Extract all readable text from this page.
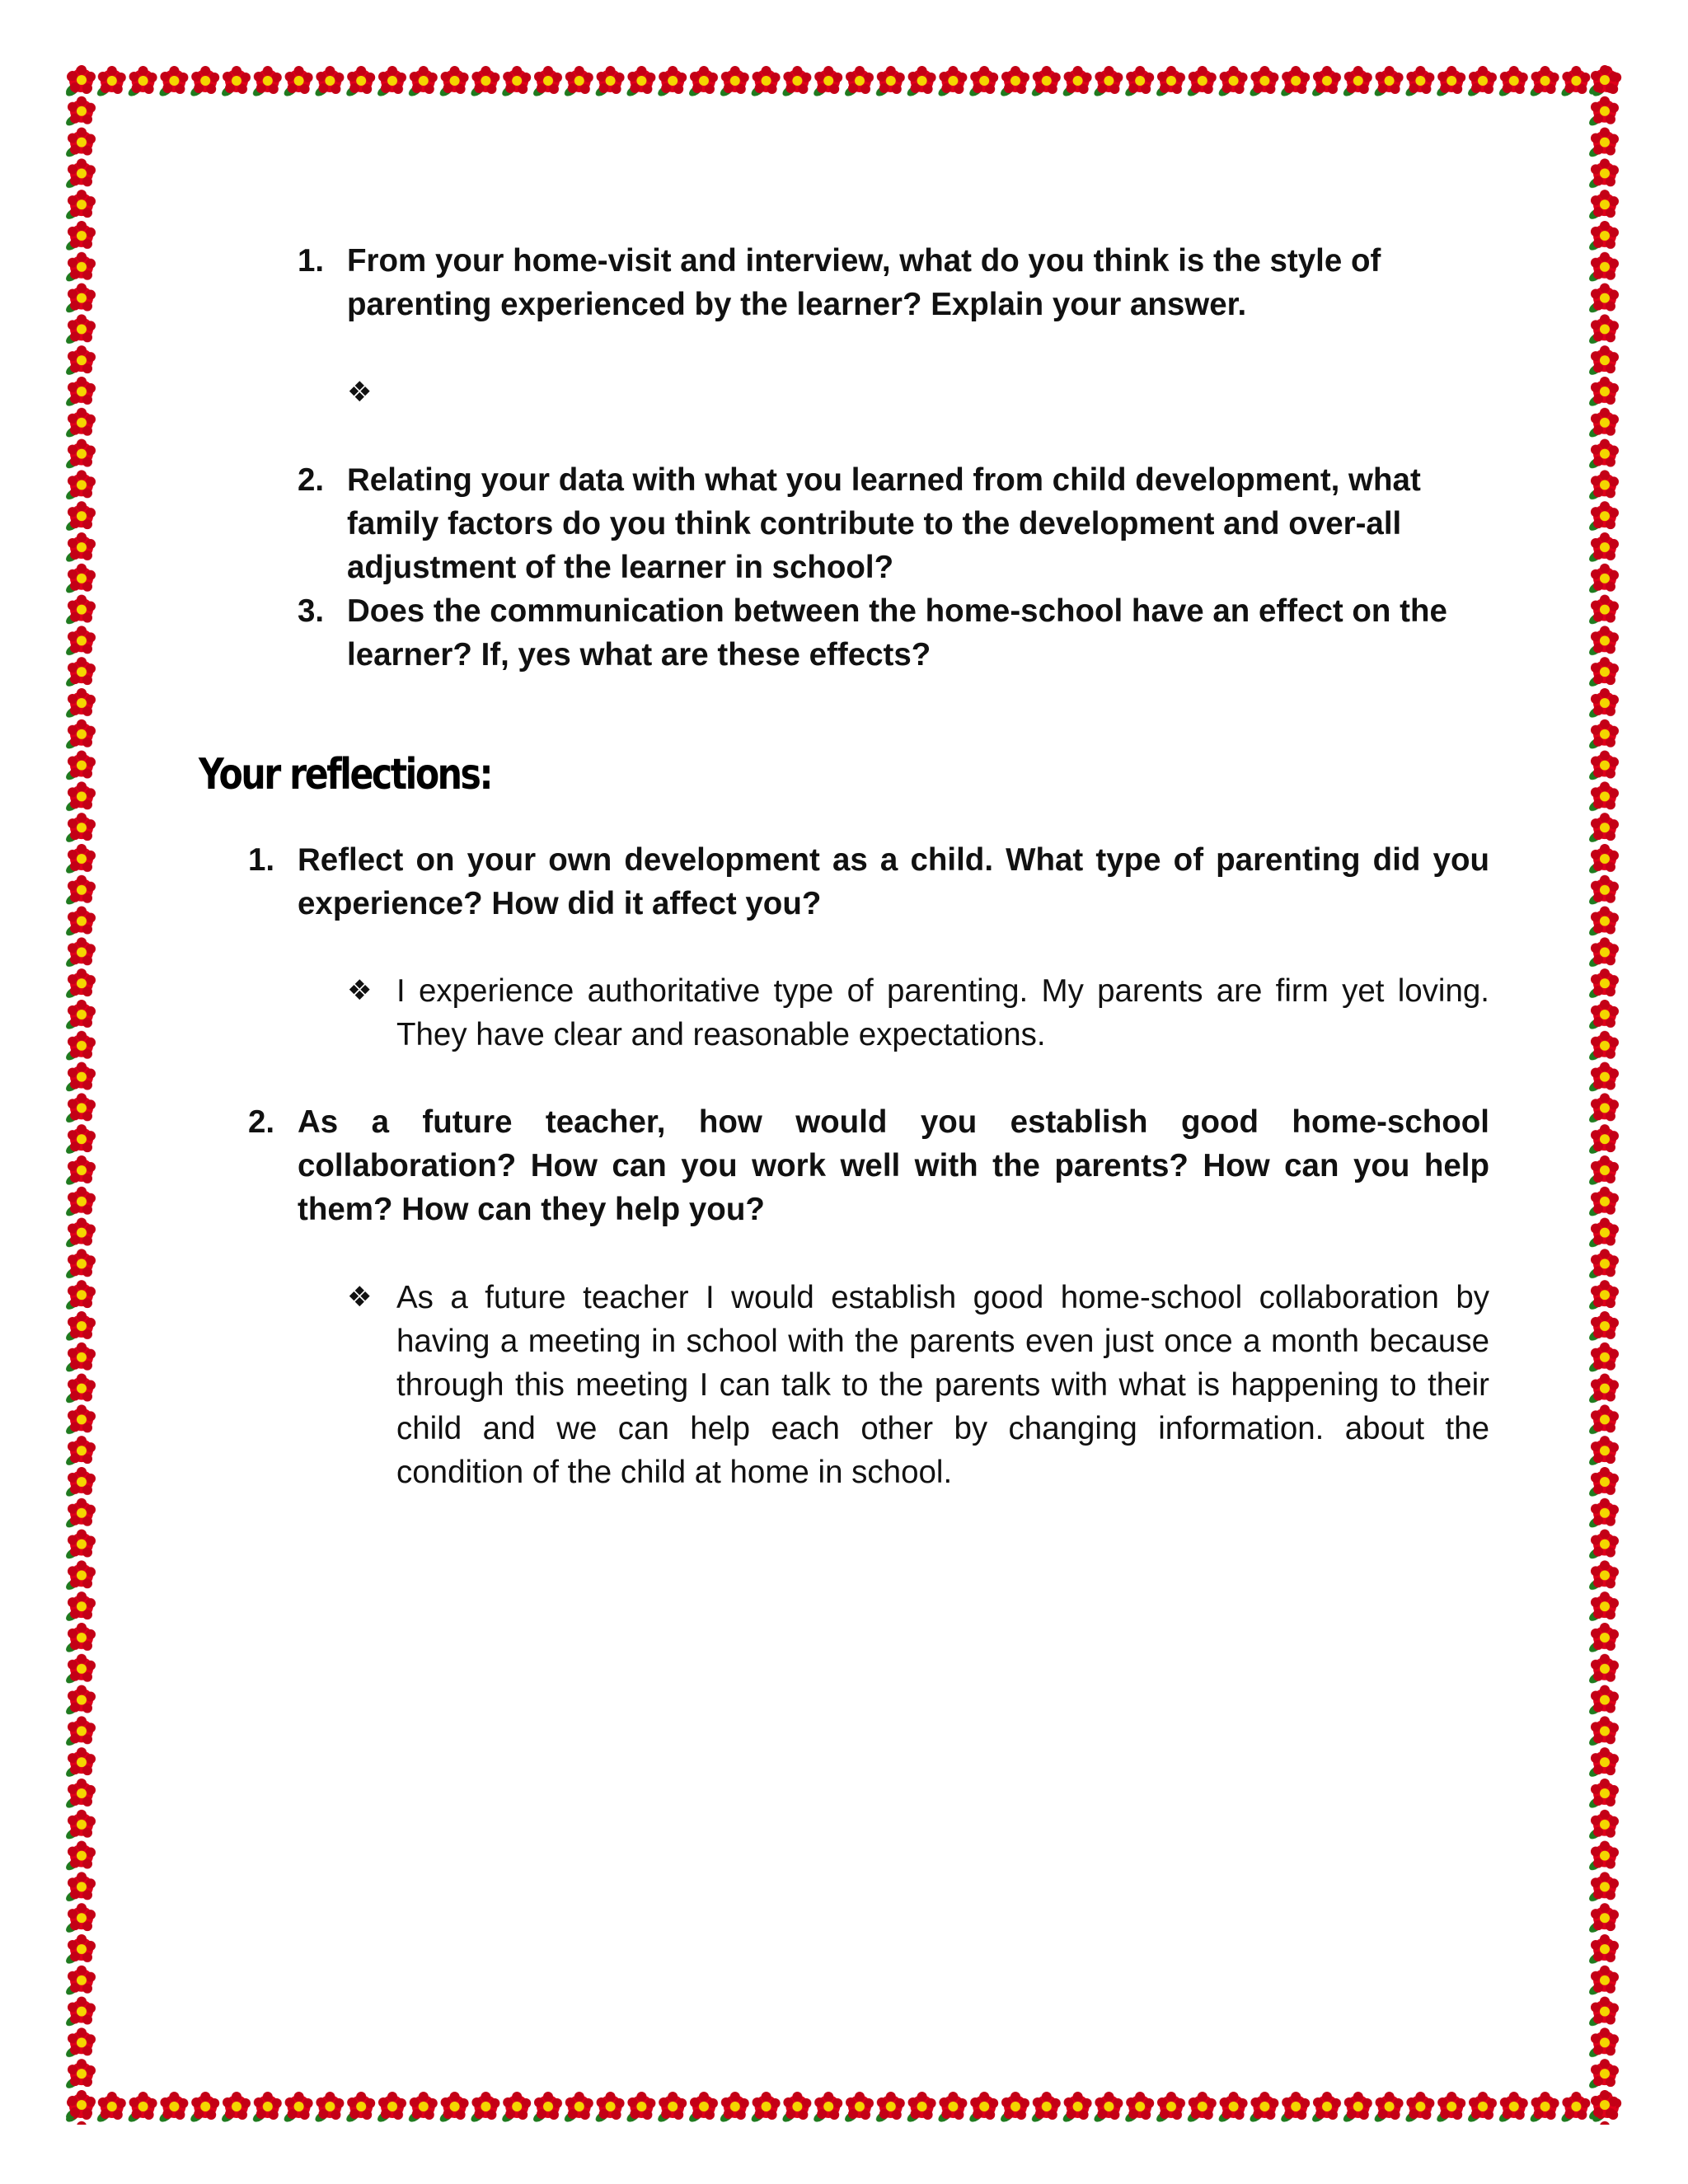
1. From your home-visit and interview, what do you think is the style of parenting experienced by the learner? Explain your answer.
❖
2. Relating your data with what you learned from child development, what family factors do you think contribute to the development and over-all adjustment of the learner in school?
3. Does the communication between the home-school have an effect on the learner? If, yes what are these effects?
Your reflections:
1. Reflect on your own development as a child. What type of parenting did you experience? How did it affect you?
❖ I experience authoritative type of parenting. My parents are firm yet loving. They have clear and reasonable expectations.
2. As a future teacher, how would you establish good home-school collaboration? How can you work well with the parents? How can you help them? How can they help you?
❖ As a future teacher I would establish good home-school collaboration by having a meeting in school with the parents even just once a month because through this meeting I can talk to the parents with what is happening to their child and we can help each other by changing information. about the condition of the child at home in school.
